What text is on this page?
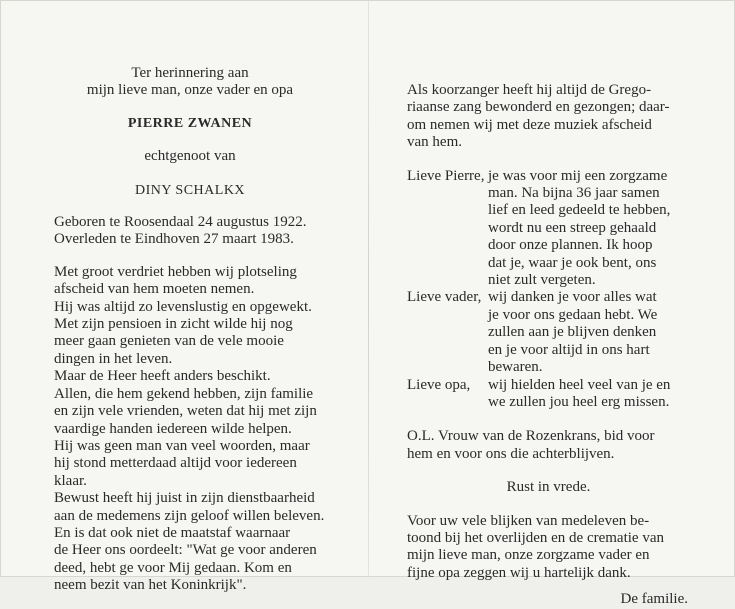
Ter herinnering aan

mijn lieve man, onze vader en opa

PIERRE ZWANEN

echtgenoot van

DINY SCHALKX

Geboren te Roosendaal 24 augustus 1922.

Overleden te Eindhoven 27 maart 1983.

Met groot verdriet hebben wij plotseling

afscheid van hem moeten nemen.

Hij was altijd zo levenslustig en opgewekt.

Met zijn pensioen in zicht wilde hij nog

meer gaan genieten van de vele mooie

dingen in het leven.

Maar de Heer heeft anders beschikt.

Allen, die hem gekend hebben, zijn familie

en zijn vele vrienden, weten dat hij met zijn

vaardige handen iedereen wilde helpen.

Hij was geen man van veel woorden, maar

hij stond metterdaad altijd voor iedereen

klaar.

Bewust heeft hij juist in zijn dienstbaarheid

aan de medemens zijn geloof willen beleven.

En is dat ook niet de maatstaf waarnaar

de Heer ons oordeelt: "Wat ge voor anderen

deed, hebt ge voor Mij gedaan. Kom en

neem bezit van het Koninkrijk".

Als koorzanger heeft hij altijd de Grego-

riaanse zang bewonderd en gezongen; daar-

om nemen wij met deze muziek afscheid

van hem.

Lieve Pierre, je was voor mij een zorgzame

man. Na bijna 36 jaar samen

lief en leed gedeeld te hebben,

wordt nu een streep gehaald

door onze plannen. Ik hoop

dat je, waar je ook bent, ons

niet zult vergeten.

Lieve vader, wij danken je voor alles wat

je voor ons gedaan hebt. We

zullen aan je blijven denken

en je voor altijd in ons hart

bewaren.

Lieve opa,	wij hielden heel veel van je en

we zullen jou heel erg missen.

O.L. Vrouw van de Rozenkrans, bid voor

hem en voor ons die achterblijven.

Rust in vrede.

Voor uw vele blijken van medeleven be-

toond bij het overlijden en de crematie van

mijn lieve man, onze zorgzame vader en

fijne opa zeggen wij u hartelijk dank.

De familie.
